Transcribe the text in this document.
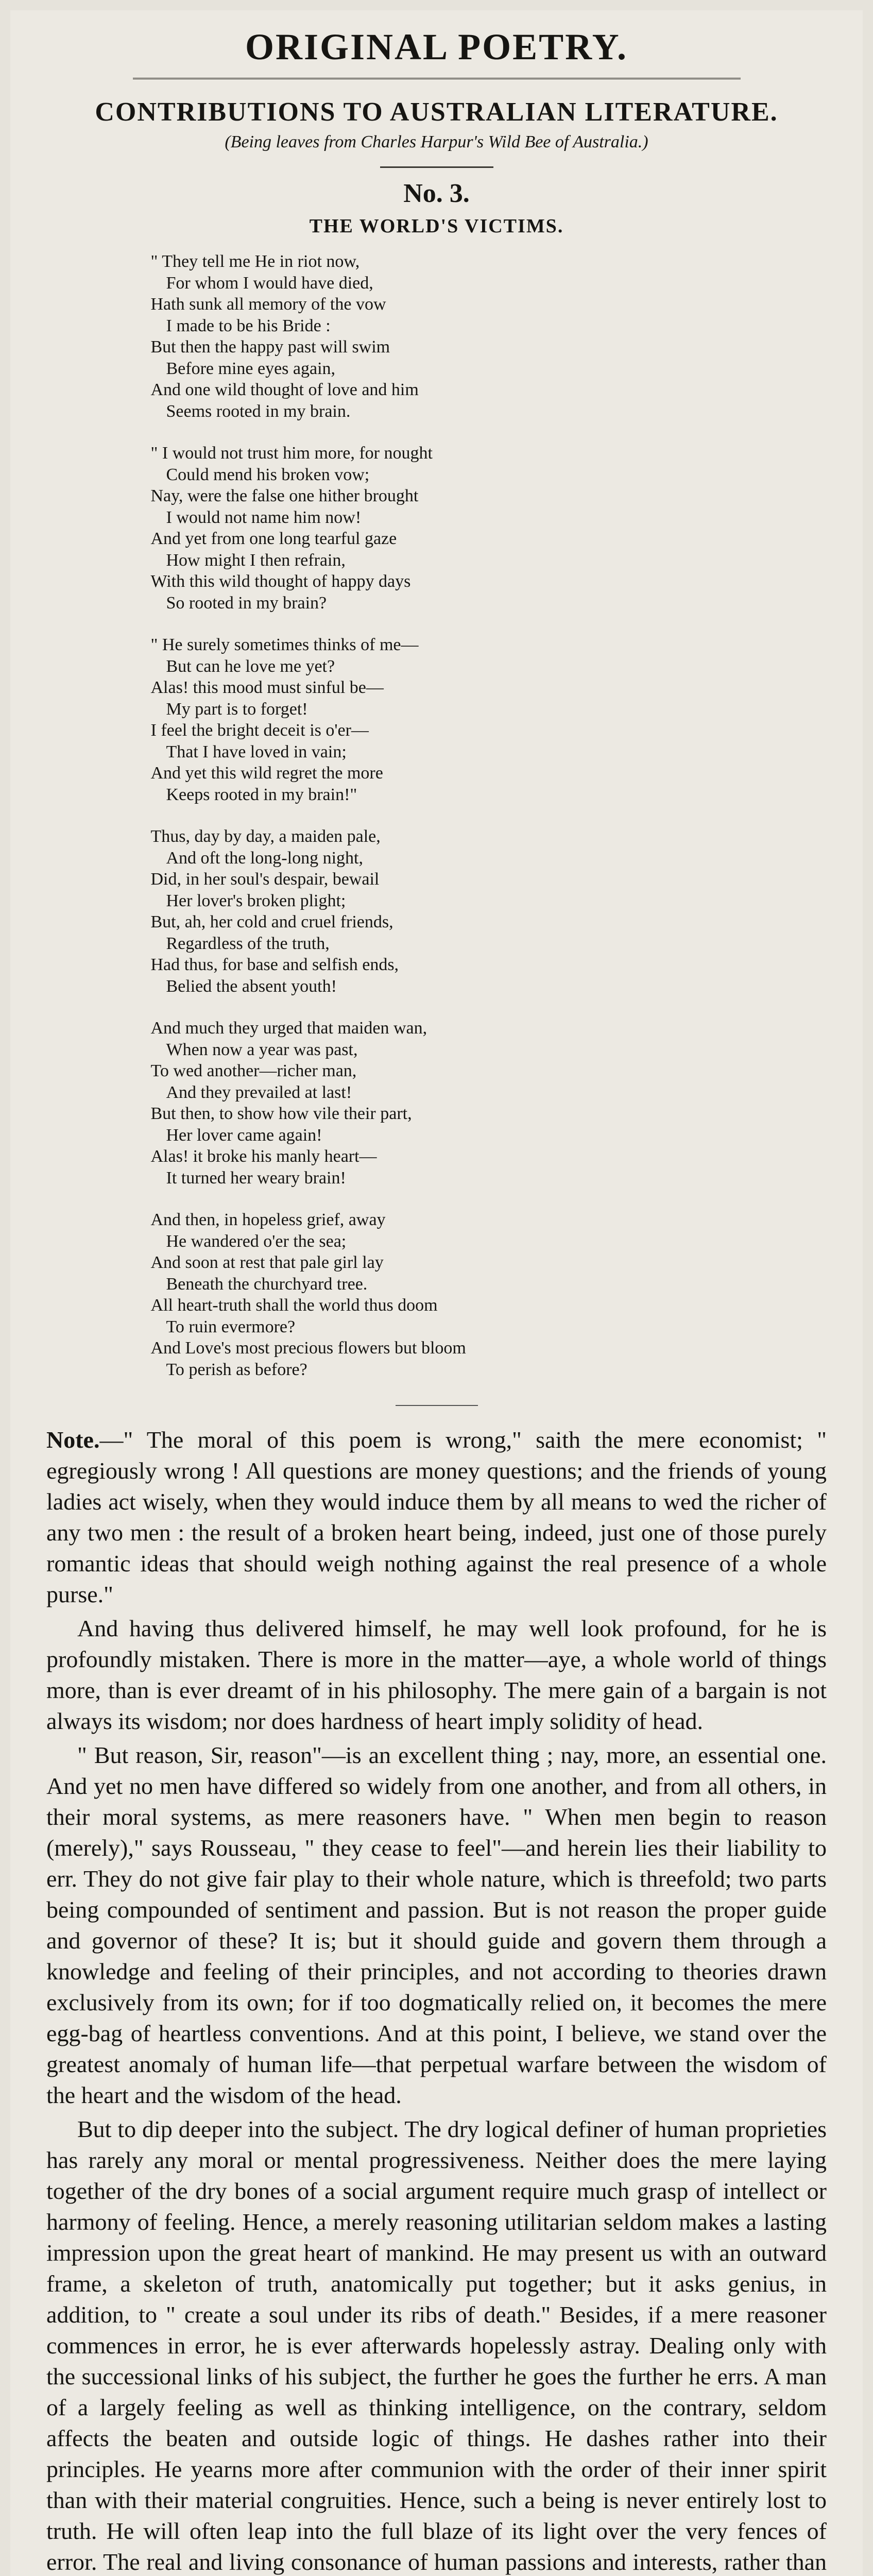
ORIGINAL POETRY.
CONTRIBUTIONS TO AUSTRALIAN LITERATURE.
(Being leaves from Charles Harpur's Wild Bee of Australia.)
No. 3.
THE WORLD'S VICTIMS.
" They tell me He in riot now,
For whom I would have died,
Hath sunk all memory of the vow
I made to be his Bride :
But then the happy past will swim
Before mine eyes again,
And one wild thought of love and him
Seems rooted in my brain.
" I would not trust him more, for nought
Could mend his broken vow;
Nay, were the false one hither brought
I would not name him now!
And yet from one long tearful gaze
How might I then refrain,
With this wild thought of happy days
So rooted in my brain?
" He surely sometimes thinks of me—
But can he love me yet?
Alas! this mood must sinful be—
My part is to forget!
I feel the bright deceit is o'er—
That I have loved in vain;
And yet this wild regret the more
Keeps rooted in my brain!"
Thus, day by day, a maiden pale,
And oft the long-long night,
Did, in her soul's despair, bewail
Her lover's broken plight;
But, ah, her cold and cruel friends,
Regardless of the truth,
Had thus, for base and selfish ends,
Belied the absent youth!
And much they urged that maiden wan,
When now a year was past,
To wed another—richer man,
And they prevailed at last!
But then, to show how vile their part,
Her lover came again!
Alas! it broke his manly heart—
It turned her weary brain!
And then, in hopeless grief, away
He wandered o'er the sea;
And soon at rest that pale girl lay
Beneath the churchyard tree.
All heart-truth shall the world thus doom
To ruin evermore?
And Love's most precious flowers but bloom
To perish as before?

Note.—" The moral of this poem is wrong," saith the mere economist; " egregiously wrong ! All questions are money questions; and the friends of young ladies act wisely, when they would induce them by all means to wed the richer of any two men : the result of a broken heart being, indeed, just one of those purely romantic ideas that should weigh nothing against the real presence of a whole purse."

And having thus delivered himself, he may well look profound, for he is profoundly mistaken. There is more in the matter—aye, a whole world of things more, than is ever dreamt of in his philosophy. The mere gain of a bargain is not always its wisdom; nor does hardness of heart imply solidity of head.

" But reason, Sir, reason"—is an excellent thing ; nay, more, an essential one. And yet no men have differed so widely from one another, and from all others, in their moral systems, as mere reasoners have. " When men begin to reason (merely)," says Rousseau, " they cease to feel"—and herein lies their liability to err. They do not give fair play to their whole nature, which is threefold; two parts being compounded of sentiment and passion. But is not reason the proper guide and governor of these? It is; but it should guide and govern them through a knowledge and feeling of their principles, and not according to theories drawn exclusively from its own; for if too dogmatically relied on, it becomes the mere egg-bag of heartless conventions. And at this point, I believe, we stand over the greatest anomaly of human life—that perpetual warfare between the wisdom of the heart and the wisdom of the head.

But to dip deeper into the subject. The dry logical definer of human proprieties has rarely any moral or mental progressiveness. Neither does the mere laying together of the dry bones of a social argument require much grasp of intellect or harmony of feeling. Hence, a merely reasoning utilitarian seldom makes a lasting impression upon the great heart of mankind. He may present us with an outward frame, a skeleton of truth, anatomically put together; but it asks genius, in addition, to " create a soul under its ribs of death." Besides, if a mere reasoner commences in error, he is ever afterwards hopelessly astray. Dealing only with the successional links of his subject, the further he goes the further he errs. A man of a largely feeling as well as thinking intelligence, on the contrary, seldom affects the beaten and outside logic of things. He dashes rather into their principles. He yearns more after communion with the order of their inner spirit than with their material congruities. Hence, such a being is never entirely lost to truth. He will often leap into the full blaze of its light over the very fences of error. The real and living consonance of human passions and interests, rather than
